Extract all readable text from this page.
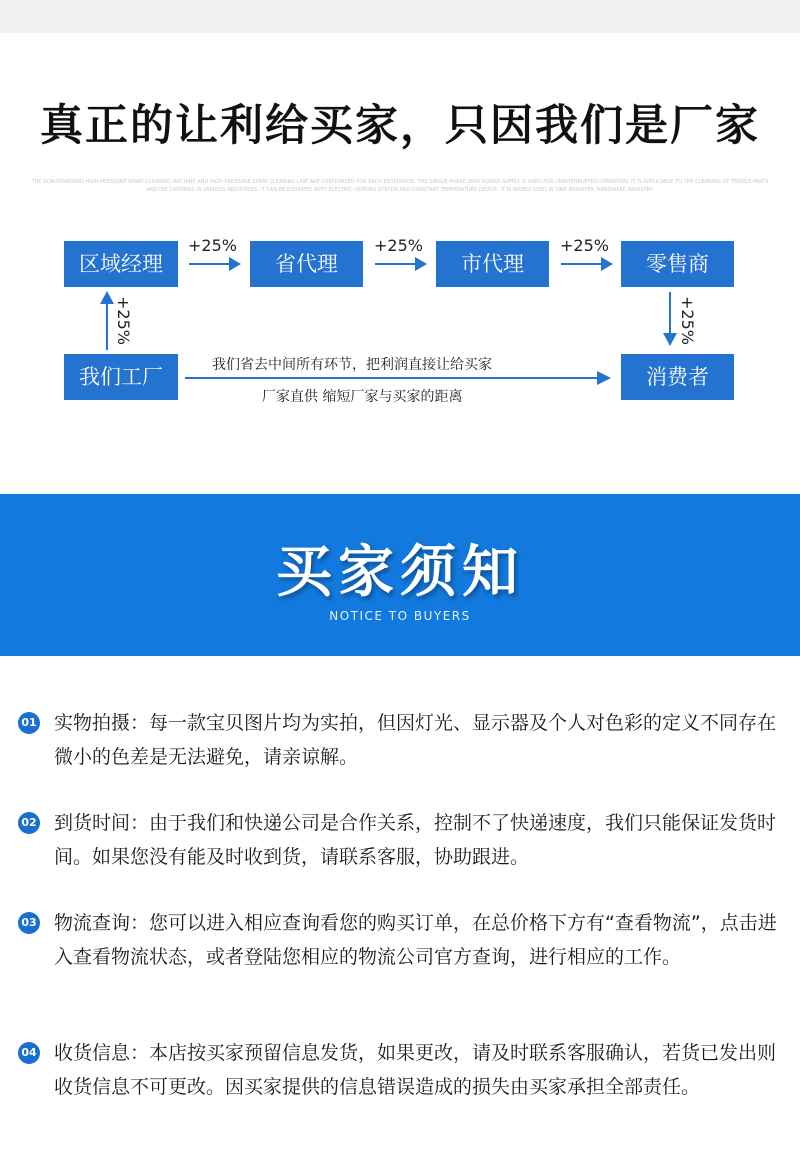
真正的让利给买家，只因我们是厂家
THE NON-STANDARD HIGH-PRESSURE SPRAY CLEANING MACHINE AND HIGH-PRESSURE SPRAY CLEANING LINE ARE CUSTOMIZED FOR EACH ENTERPRISE. THE SINGLE-PHASE 380V POWER SUPPLY IS USED FOR UNINTERRUPTED OPERATION. IT IS APPLICABLE TO THE CLEANING OF TENSILE PARTS AND DIE CASTINGS IN VARIOUS INDUSTRIES. IT CAN BE EQUIPPED WITH ELECTRIC HEATING SYSTEM AND CONSTANT TEMPERATURE DEVICE. IT IS WIDELY USED IN SINK INDUSTRY, HARDWARE INDUSTRY.
区域经理	省代理	市代理	零售商
我们工厂	消费者
+25%	+25%	+25%
+25%	+25%
我们省去中间所有环节，把利润直接让给买家
厂家直供 缩短厂家与买家的距离
买家须知
NOTICE TO BUYERS
01 实物拍摄：每一款宝贝图片均为实拍，但因灯光、显示器及个人对色彩的定义不同存在微小的色差是无法避免，请亲谅解。
02 到货时间：由于我们和快递公司是合作关系，控制不了快递速度，我们只能保证发货时间。如果您没有能及时收到货，请联系客服，协助跟进。
03 物流查询：您可以进入相应查询看您的购买订单，在总价格下方有“查看物流”，点击进入查看物流状态，或者登陆您相应的物流公司官方查询，进行相应的工作。
04 收货信息：本店按买家预留信息发货，如果更改，请及时联系客服确认，若货已发出则收货信息不可更改。因买家提供的信息错误造成的损失由买家承担全部责任。
